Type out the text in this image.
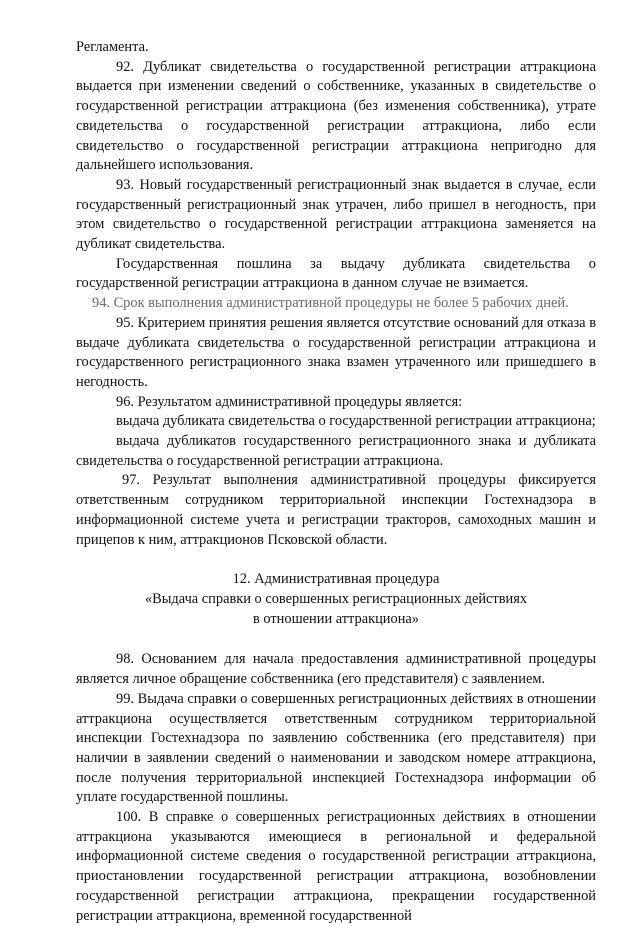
Регламента.

92. Дубликат свидетельства о государственной регистрации аттракциона выдается при изменении сведений о собственнике, указанных в свидетельстве о государственной регистрации аттракциона (без изменения собственника), утрате свидетельства о государственной регистрации аттракциона, либо если свидетельство о государственной регистрации аттракциона непригодно для дальнейшего использования.

93. Новый государственный регистрационный знак выдается в случае, если государственный регистрационный знак утрачен, либо пришел в негодность, при этом свидетельство о государственной регистрации аттракциона заменяется на дубликат свидетельства.

Государственная пошлина за выдачу дубликата свидетельства о государственной регистрации аттракциона в данном случае не взимается.

94. Срок выполнения административной процедуры не более 5 рабочих дней.

95. Критерием принятия решения является отсутствие оснований для отказа в выдаче дубликата свидетельства о государственной регистрации аттракциона и государственного регистрационного знака взамен утраченного или пришедшего в негодность.

96. Результатом административной процедуры является:

выдача дубликата свидетельства о государственной регистрации аттракциона;

выдача дубликатов государственного регистрационного знака и дубликата свидетельства о государственной регистрации аттракциона.

97. Результат выполнения административной процедуры фиксируется ответственным сотрудником территориальной инспекции Гостехнадзора в информационной системе учета и регистрации тракторов, самоходных машин и прицепов к ним, аттракционов Псковской области.

12. Административная процедура

«Выдача справки о совершенных регистрационных действиях

в отношении аттракциона»

98. Основанием для начала предоставления административной процедуры является личное обращение собственника (его представителя) с заявлением.

99. Выдача справки о совершенных регистрационных действиях в отношении аттракциона осуществляется ответственным сотрудником территориальной инспекции Гостехнадзора по заявлению собственника (его представителя) при наличии в заявлении сведений о наименовании и заводском номере аттракциона, после получения территориальной инспекцией Гостехнадзора информации об уплате государственной пошлины.

100. В справке о совершенных регистрационных действиях в отношении аттракциона указываются имеющиеся в региональной и федеральной информационной системе сведения о государственной регистрации аттракциона, приостановлении государственной регистрации аттракциона, возобновлении государственной регистрации аттракциона, прекращении государственной регистрации аттракциона, временной государственной
